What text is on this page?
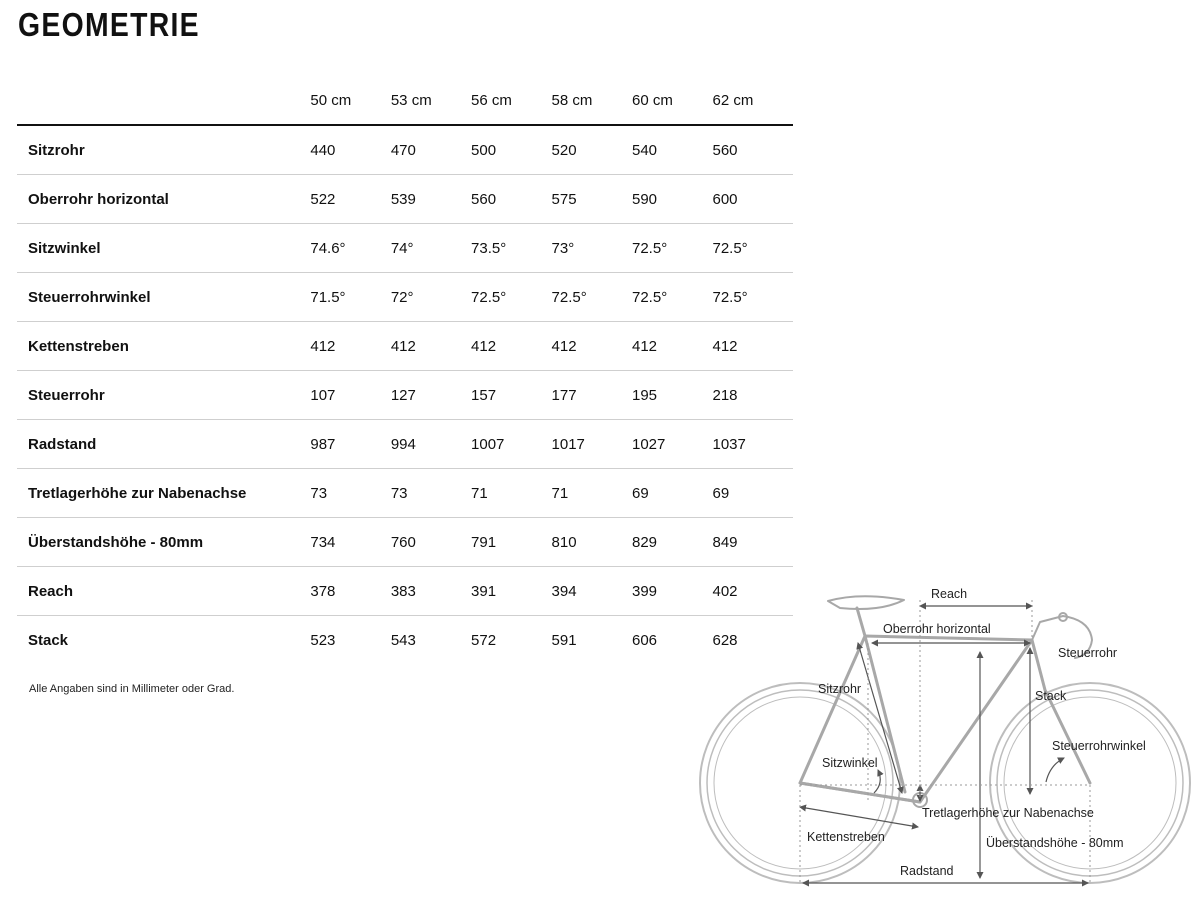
GEOMETRIE
	50 cm	53 cm	56 cm	58 cm	60 cm	62 cm
Sitzrohr	440	470	500	520	540	560
Oberrohr horizontal	522	539	560	575	590	600
Sitzwinkel	74.6°	74°	73.5°	73°	72.5°	72.5°
Steuerrohrwinkel	71.5°	72°	72.5°	72.5°	72.5°	72.5°
Kettenstreben	412	412	412	412	412	412
Steuerrohr	107	127	157	177	195	218
Radstand	987	994	1007	1017	1027	1037
Tretlagerhöhe zur Nabenachse	73	73	71	71	69	69
Überstandshöhe - 80mm	734	760	791	810	829	849
Reach	378	383	391	394	399	402
Stack	523	543	572	591	606	628
Alle Angaben sind in Millimeter oder Grad.
Reach
Oberrohr horizontal
Steuerrohr
Sitzrohr	Stack
Steuerrohrwinkel
Sitzwinkel
Tretlagerhöhe zur Nabenachse
Kettenstreben	Überstandshöhe - 80mm
Radstand
